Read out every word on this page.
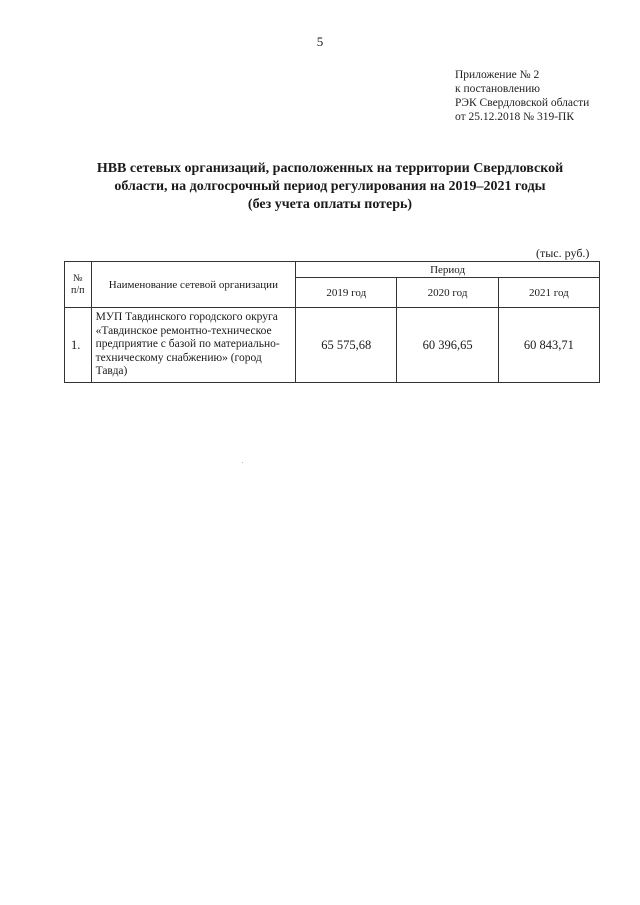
5
Приложение № 2
к постановлению
РЭК Свердловской области
от 25.12.2018 № 319-ПК
НВВ сетевых организаций, расположенных на территории Свердловской
области, на долгосрочный период регулирования на 2019–2021 годы
(без учета оплаты потерь)
(тыс. руб.)
№ п/п	Наименование сетевой организации	Период		
		2019 год	2020 год	2021 год
1.	МУП Тавдинского городского округа «Тавдинское ремонтно-техническое предприятие с базой по материально-техническому снабжению» (город Тавда)	65 575,68	60 396,65	60 843,71
